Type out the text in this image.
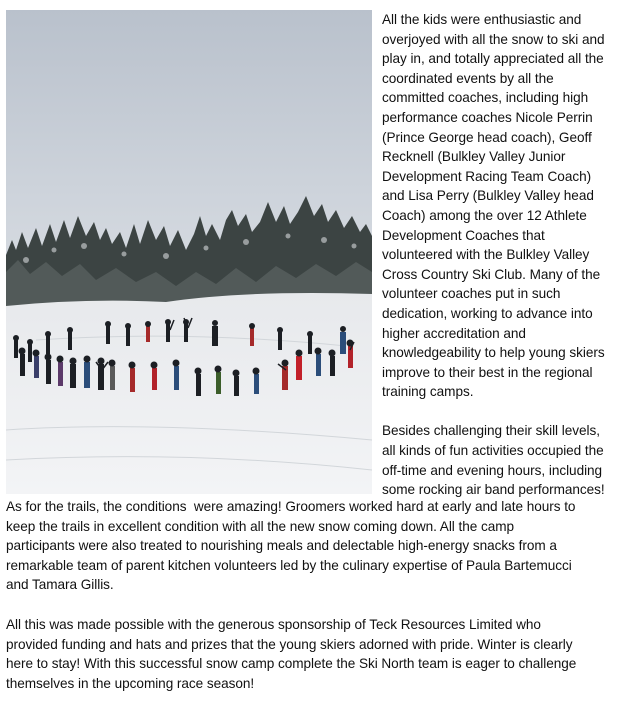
All the kids were enthusiastic and
overjoyed with all the snow to ski and
play in, and totally appreciated all the
coordinated events by all the
committed coaches, including high
performance coaches Nicole Perrin
(Prince George head coach), Geoff
Recknell (Bulkley Valley Junior
Development Racing Team Coach)
and Lisa Perry (Bulkley Valley head
Coach) among the over 12 Athlete
Development Coaches that
volunteered with the Bulkley Valley
Cross Country Ski Club. Many of the
volunteer coaches put in such
dedication, working to advance into
higher accreditation and
knowledgeability to help young skiers
improve to their best in the regional
training camps.

Besides challenging their skill levels,
all kinds of fun activities occupied the
off-time and evening hours, including
some rocking air band performances!

As for the trails, the conditions  were amazing! Groomers worked hard at early and late hours to
keep the trails in excellent condition with all the new snow coming down. All the camp
participants were also treated to nourishing meals and delectable high-energy snacks from a
remarkable team of parent kitchen volunteers led by the culinary expertise of Paula Bartemucci
and Tamara Gillis.

All this was made possible with the generous sponsorship of Teck Resources Limited who
provided funding and hats and prizes that the young skiers adorned with pride. Winter is clearly
here to stay! With this successful snow camp complete the Ski North team is eager to challenge
themselves in the upcoming race season!
